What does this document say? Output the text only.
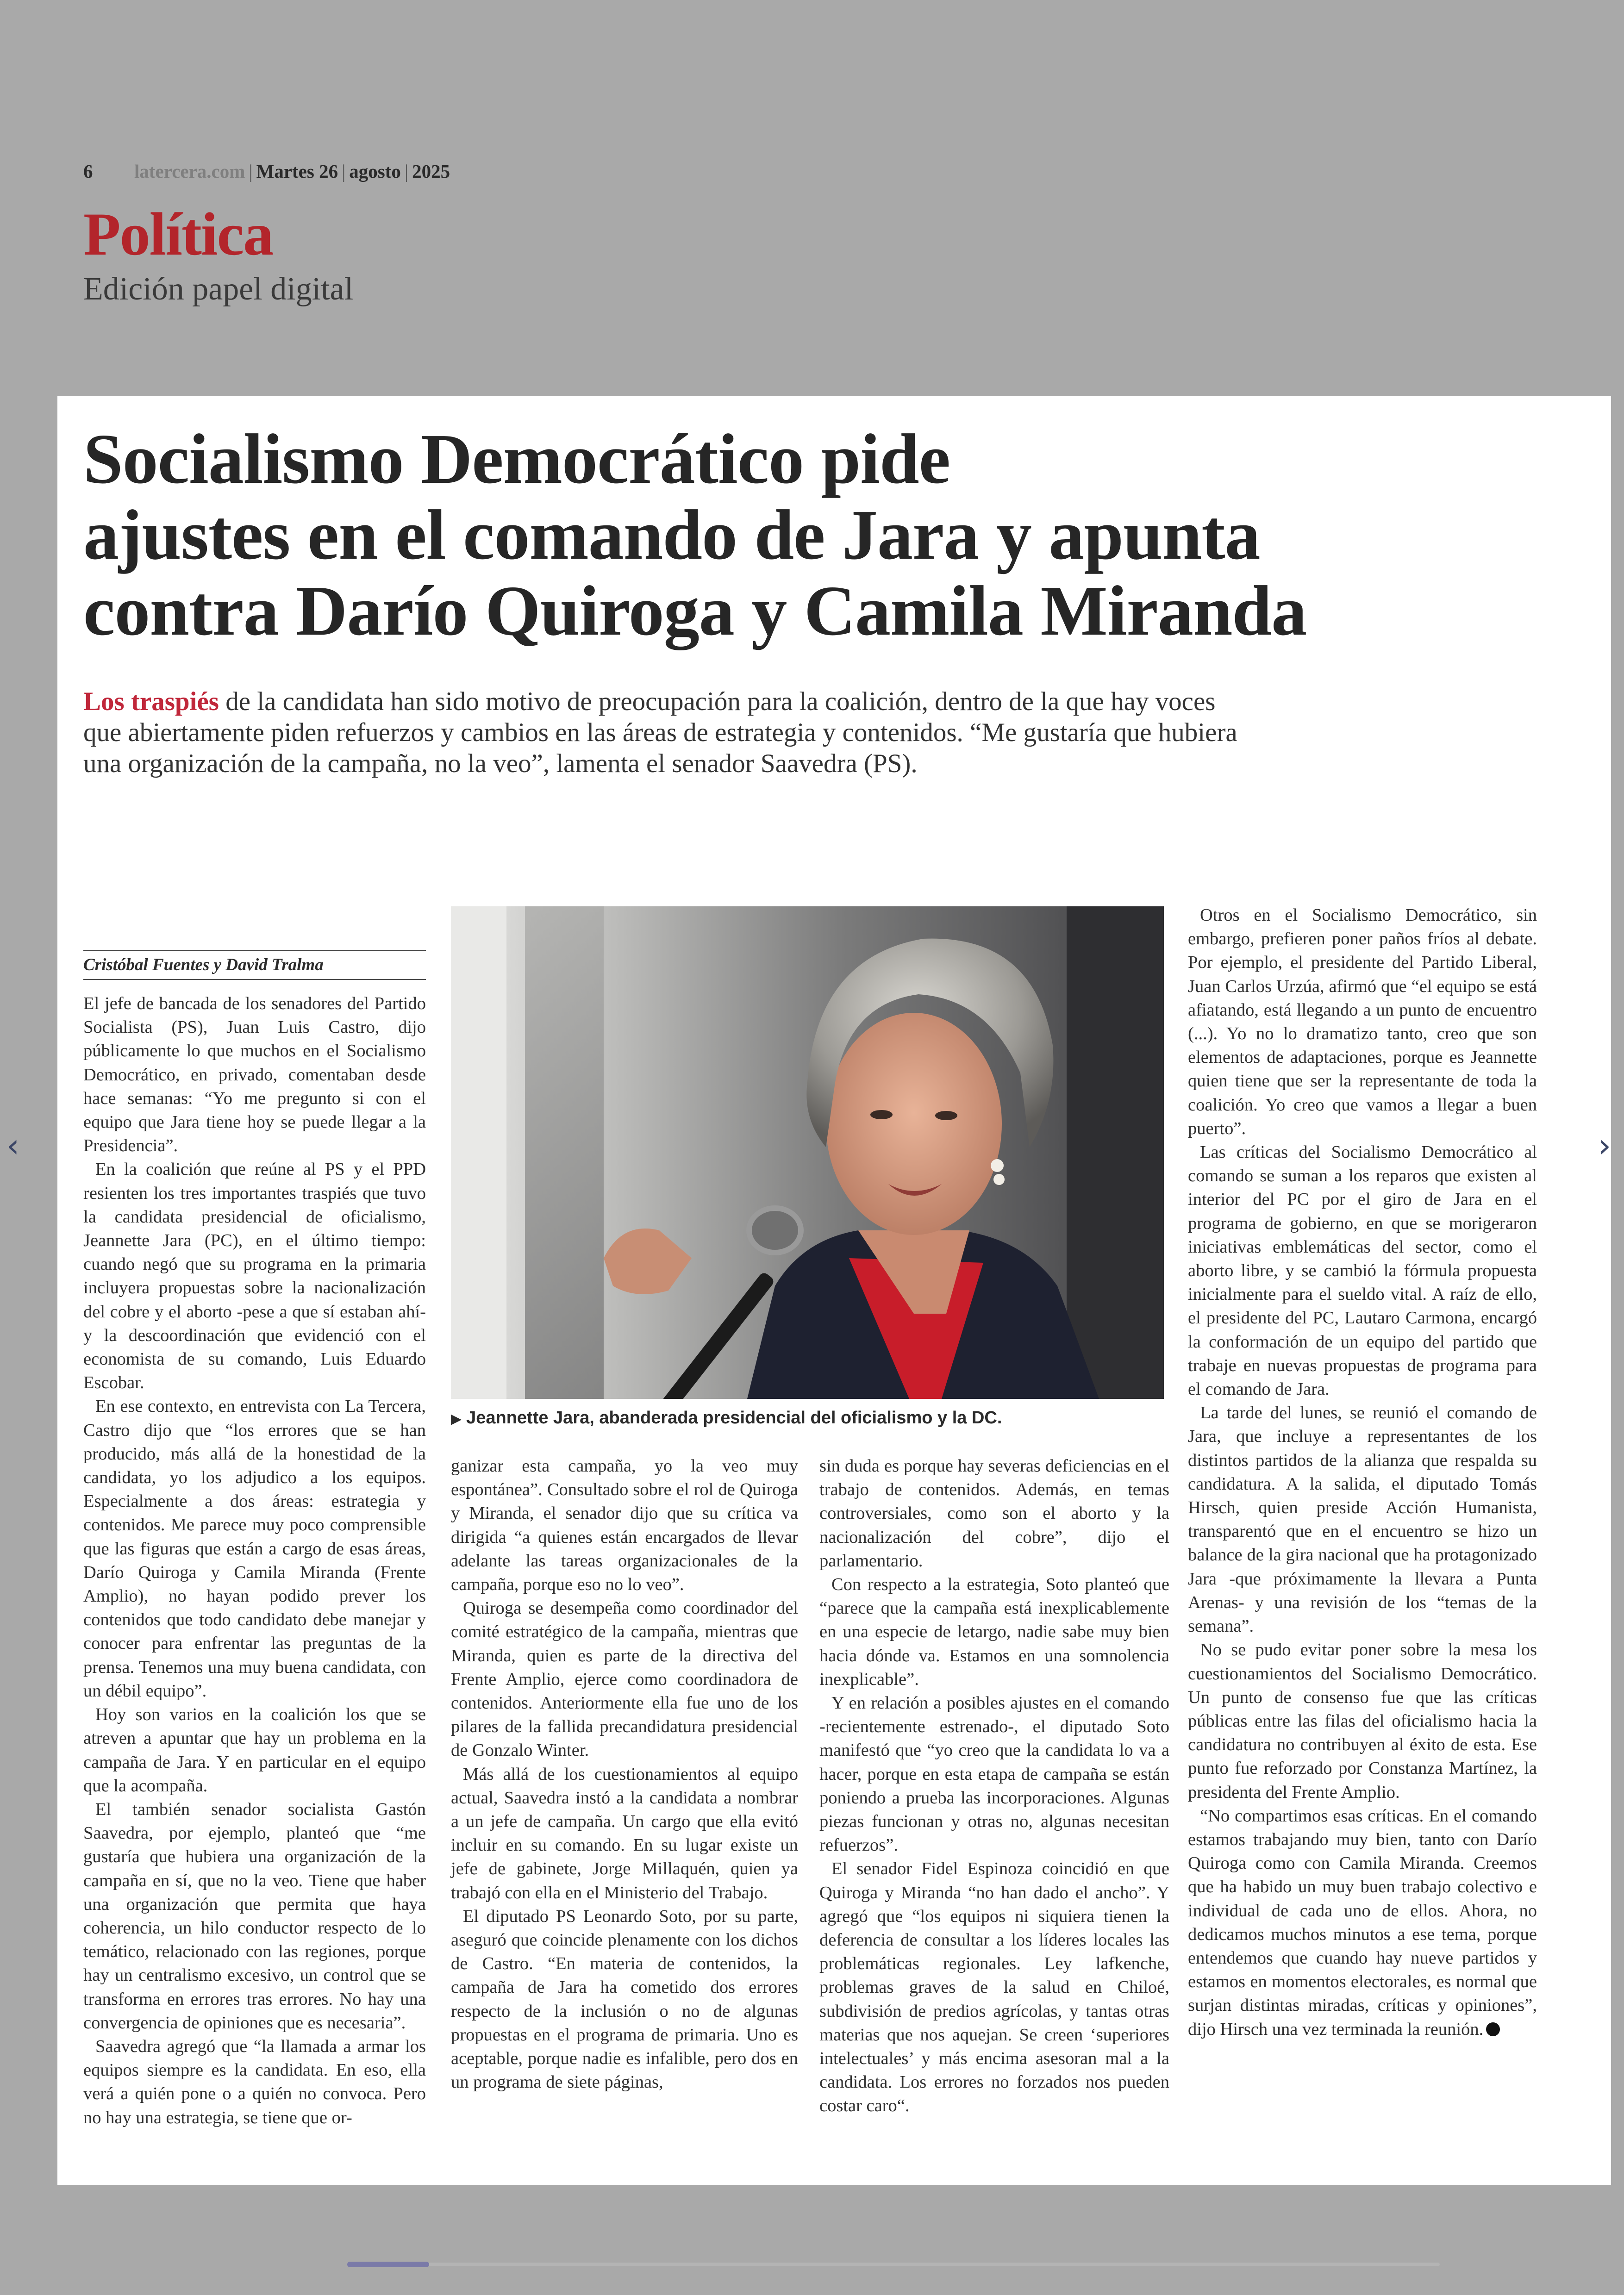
6 latercera.com | Martes 26 | agosto | 2025
Política
Edición papel digital
Socialismo Democrático pide
ajustes en el comando de Jara y apunta
contra Darío Quiroga y Camila Miranda
Los traspiés de la candidata han sido motivo de preocupación para la coalición, dentro de la que hay voces
que abiertamente piden refuerzos y cambios en las áreas de estrategia y contenidos. “Me gustaría que hubiera
una organización de la campaña, no la veo”, lamenta el senador Saavedra (PS).
Cristóbal Fuentes y David Tralma

El jefe de bancada de los senadores del Partido Socialista (PS), Juan Luis Castro, dijo públicamente lo que muchos en el Socialismo Democrático, en privado, comentaban desde hace semanas: “Yo me pregunto si con el equipo que Jara tiene hoy se puede llegar a la Presidencia”.

En la coalición que reúne al PS y el PPD resienten los tres importantes traspiés que tuvo la candidata presidencial de oficialismo, Jeannette Jara (PC), en el último tiempo: cuando negó que su programa en la primaria incluyera propuestas sobre la nacionalización del cobre y el aborto -pese a que sí estaban ahí- y la descoordinación que evidenció con el economista de su comando, Luis Eduardo Escobar.

En ese contexto, en entrevista con La Tercera, Castro dijo que “los errores que se han producido, más allá de la honestidad de la candidata, yo los adjudico a los equipos. Especialmente a dos áreas: estrategia y contenidos. Me parece muy poco comprensible que las figuras que están a cargo de esas áreas, Darío Quiroga y Camila Miranda (Frente Amplio), no hayan podido prever los contenidos que todo candidato debe manejar y conocer para enfrentar las preguntas de la prensa. Tenemos una muy buena candidata, con un débil equipo”.

Hoy son varios en la coalición los que se atreven a apuntar que hay un problema en la campaña de Jara. Y en particular en el equipo que la acompaña.

El también senador socialista Gastón Saavedra, por ejemplo, planteó que “me gustaría que hubiera una organización de la campaña en sí, que no la veo. Tiene que haber una organización que permita que haya coherencia, un hilo conductor respecto de lo temático, relacionado con las regiones, porque hay un centralismo excesivo, un control que se transforma en errores tras errores. No hay una convergencia de opiniones que es necesaria”.

Saavedra agregó que “la llamada a armar los equipos siempre es la candidata. En eso, ella verá a quién pone o a quién no convoca. Pero no hay una estrategia, se tiene que or-

▶ Jeannette Jara, abanderada presidencial del oficialismo y la DC.

ganizar esta campaña, yo la veo muy espontánea”. Consultado sobre el rol de Quiroga y Miranda, el senador dijo que su crítica va dirigida “a quienes están encargados de llevar adelante las tareas organizacionales de la campaña, porque eso no lo veo”.

Quiroga se desempeña como coordinador del comité estratégico de la campaña, mientras que Miranda, quien es parte de la directiva del Frente Amplio, ejerce como coordinadora de contenidos. Anteriormente ella fue uno de los pilares de la fallida precandidatura presidencial de Gonzalo Winter.

Más allá de los cuestionamientos al equipo actual, Saavedra instó a la candidata a nombrar a un jefe de campaña. Un cargo que ella evitó incluir en su comando. En su lugar existe un jefe de gabinete, Jorge Millaquén, quien ya trabajó con ella en el Ministerio del Trabajo.

El diputado PS Leonardo Soto, por su parte, aseguró que coincide plenamente con los dichos de Castro. “En materia de contenidos, la campaña de Jara ha cometido dos errores respecto de la inclusión o no de algunas propuestas en el programa de primaria. Uno es aceptable, porque nadie es infalible, pero dos en un programa de siete páginas,

sin duda es porque hay severas deficiencias en el trabajo de contenidos. Además, en temas controversiales, como son el aborto y la nacionalización del cobre”, dijo el parlamentario.

Con respecto a la estrategia, Soto planteó que “parece que la campaña está inexplicablemente en una especie de letargo, nadie sabe muy bien hacia dónde va. Estamos en una somnolencia inexplicable”.

Y en relación a posibles ajustes en el comando -recientemente estrenado-, el diputado Soto manifestó que “yo creo que la candidata lo va a hacer, porque en esta etapa de campaña se están poniendo a prueba las incorporaciones. Algunas piezas funcionan y otras no, algunas necesitan refuerzos”.

El senador Fidel Espinoza coincidió en que Quiroga y Miranda “no han dado el ancho”. Y agregó que “los equipos ni siquiera tienen la deferencia de consultar a los líderes locales las problemáticas regionales. Ley lafkenche, problemas graves de la salud en Chiloé, subdivisión de predios agrícolas, y tantas otras materias que nos aquejan. Se creen ‘superiores intelectuales’ y más encima asesoran mal a la candidata. Los errores no forzados nos pueden costar caro“.

Otros en el Socialismo Democrático, sin embargo, prefieren poner paños fríos al debate. Por ejemplo, el presidente del Partido Liberal, Juan Carlos Urzúa, afirmó que “el equipo se está afiatando, está llegando a un punto de encuentro (...). Yo no lo dramatizo tanto, creo que son elementos de adaptaciones, porque es Jeannette quien tiene que ser la representante de toda la coalición. Yo creo que vamos a llegar a buen puerto”.

Las críticas del Socialismo Democrático al comando se suman a los reparos que existen al interior del PC por el giro de Jara en el programa de gobierno, en que se morigeraron iniciativas emblemáticas del sector, como el aborto libre, y se cambió la fórmula propuesta inicialmente para el sueldo vital. A raíz de ello, el presidente del PC, Lautaro Carmona, encargó la conformación de un equipo del partido que trabaje en nuevas propuestas de programa para el comando de Jara.

La tarde del lunes, se reunió el comando de Jara, que incluye a representantes de los distintos partidos de la alianza que respalda su candidatura. A la salida, el diputado Tomás Hirsch, quien preside Acción Humanista, transparentó que en el encuentro se hizo un balance de la gira nacional que ha protagonizado Jara -que próximamente la llevara a Punta Arenas- y una revisión de los “temas de la semana”.

No se pudo evitar poner sobre la mesa los cuestionamientos del Socialismo Democrático. Un punto de consenso fue que las críticas públicas entre las filas del oficialismo hacia la candidatura no contribuyen al éxito de esta. Ese punto fue reforzado por Constanza Martínez, la presidenta del Frente Amplio.

“No compartimos esas críticas. En el comando estamos trabajando muy bien, tanto con Darío Quiroga como con Camila Miranda. Creemos que ha habido un muy buen trabajo colectivo e individual de cada uno de ellos. Ahora, no dedicamos muchos minutos a ese tema, porque entendemos que cuando hay nueve partidos y estamos en momentos electorales, es normal que surjan distintas miradas, críticas y opiniones”, dijo Hirsch una vez terminada la reunión.

‹	›
